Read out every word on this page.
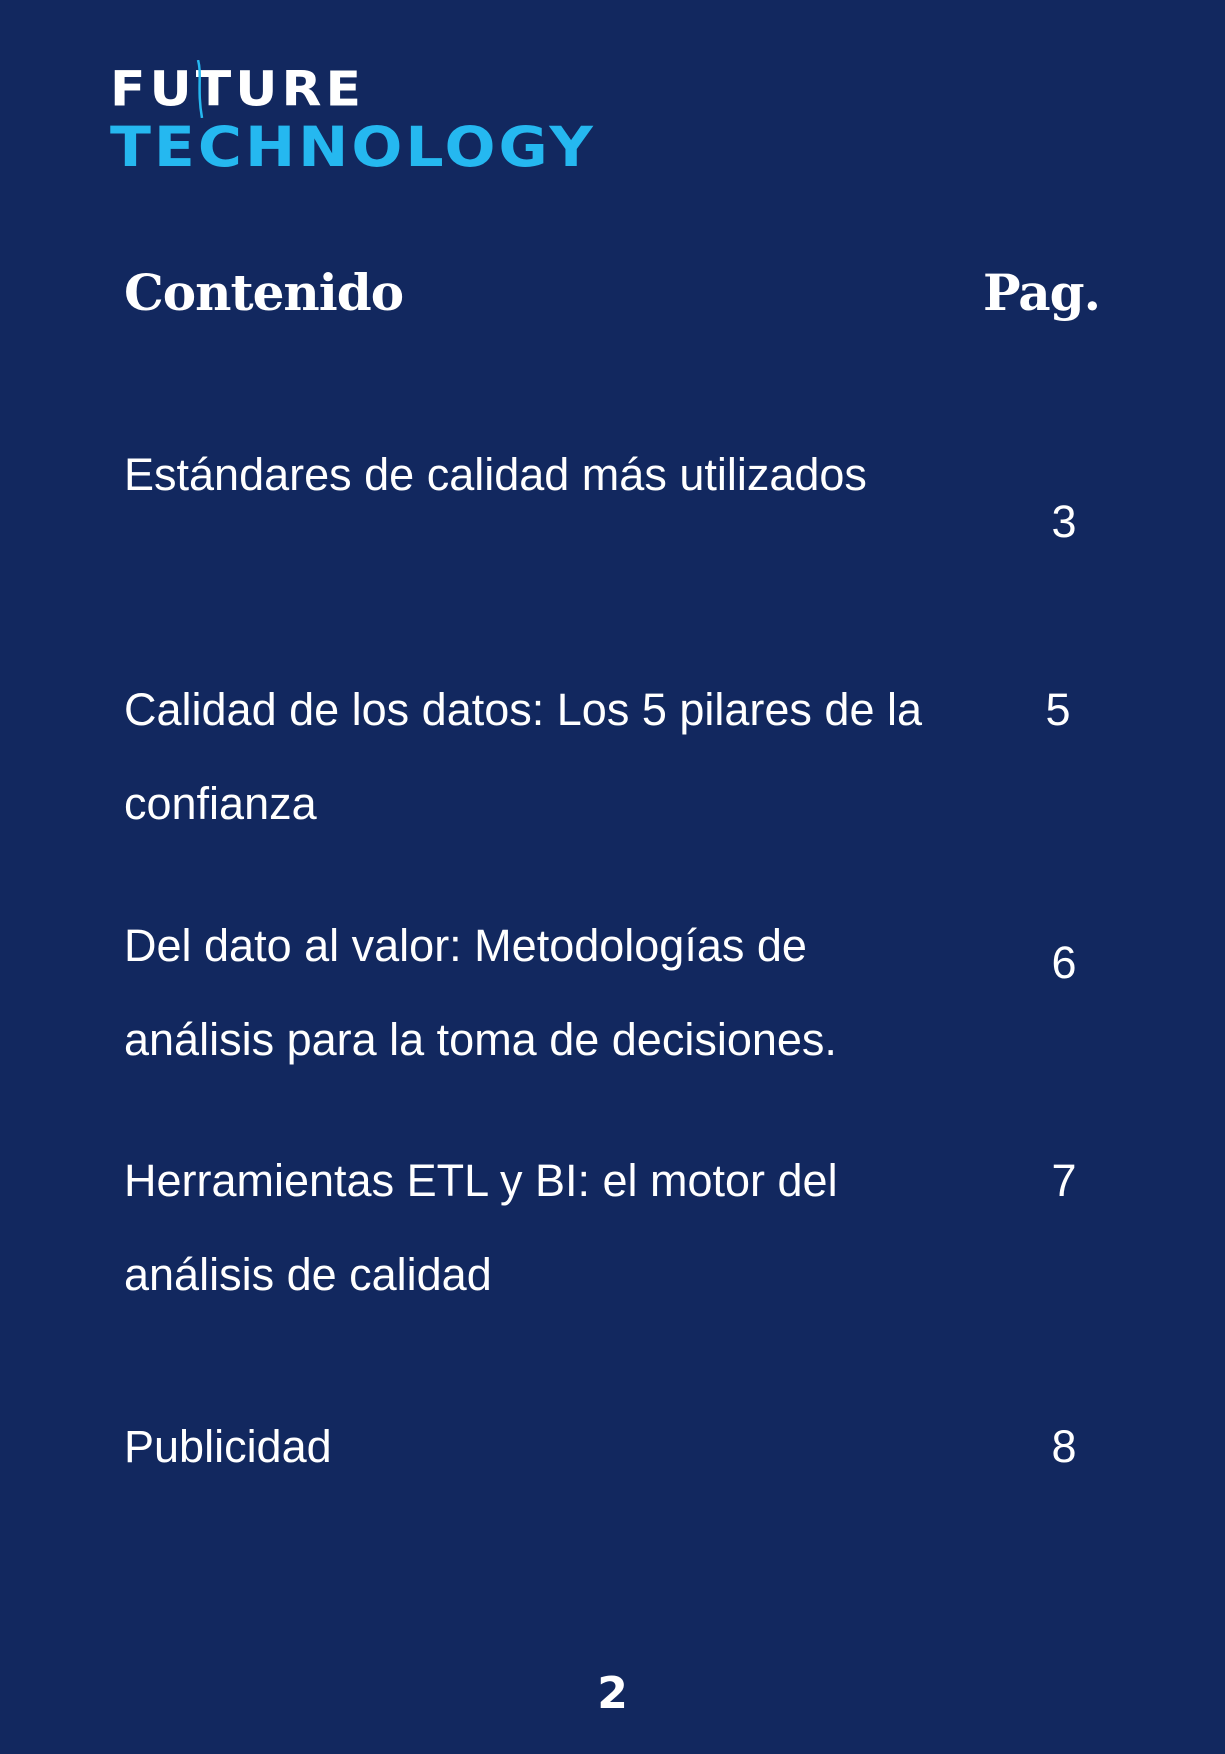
FUTURE
TECHNOLOGY
Contenido	Pag.
Estándares de calidad más utilizados
3
Calidad de los datos: Los 5 pilares de la confianza
5
Del dato al valor: Metodologías de análisis para la toma de decisiones.
6
Herramientas ETL y BI: el motor del análisis de calidad
7
Publicidad	8
2
